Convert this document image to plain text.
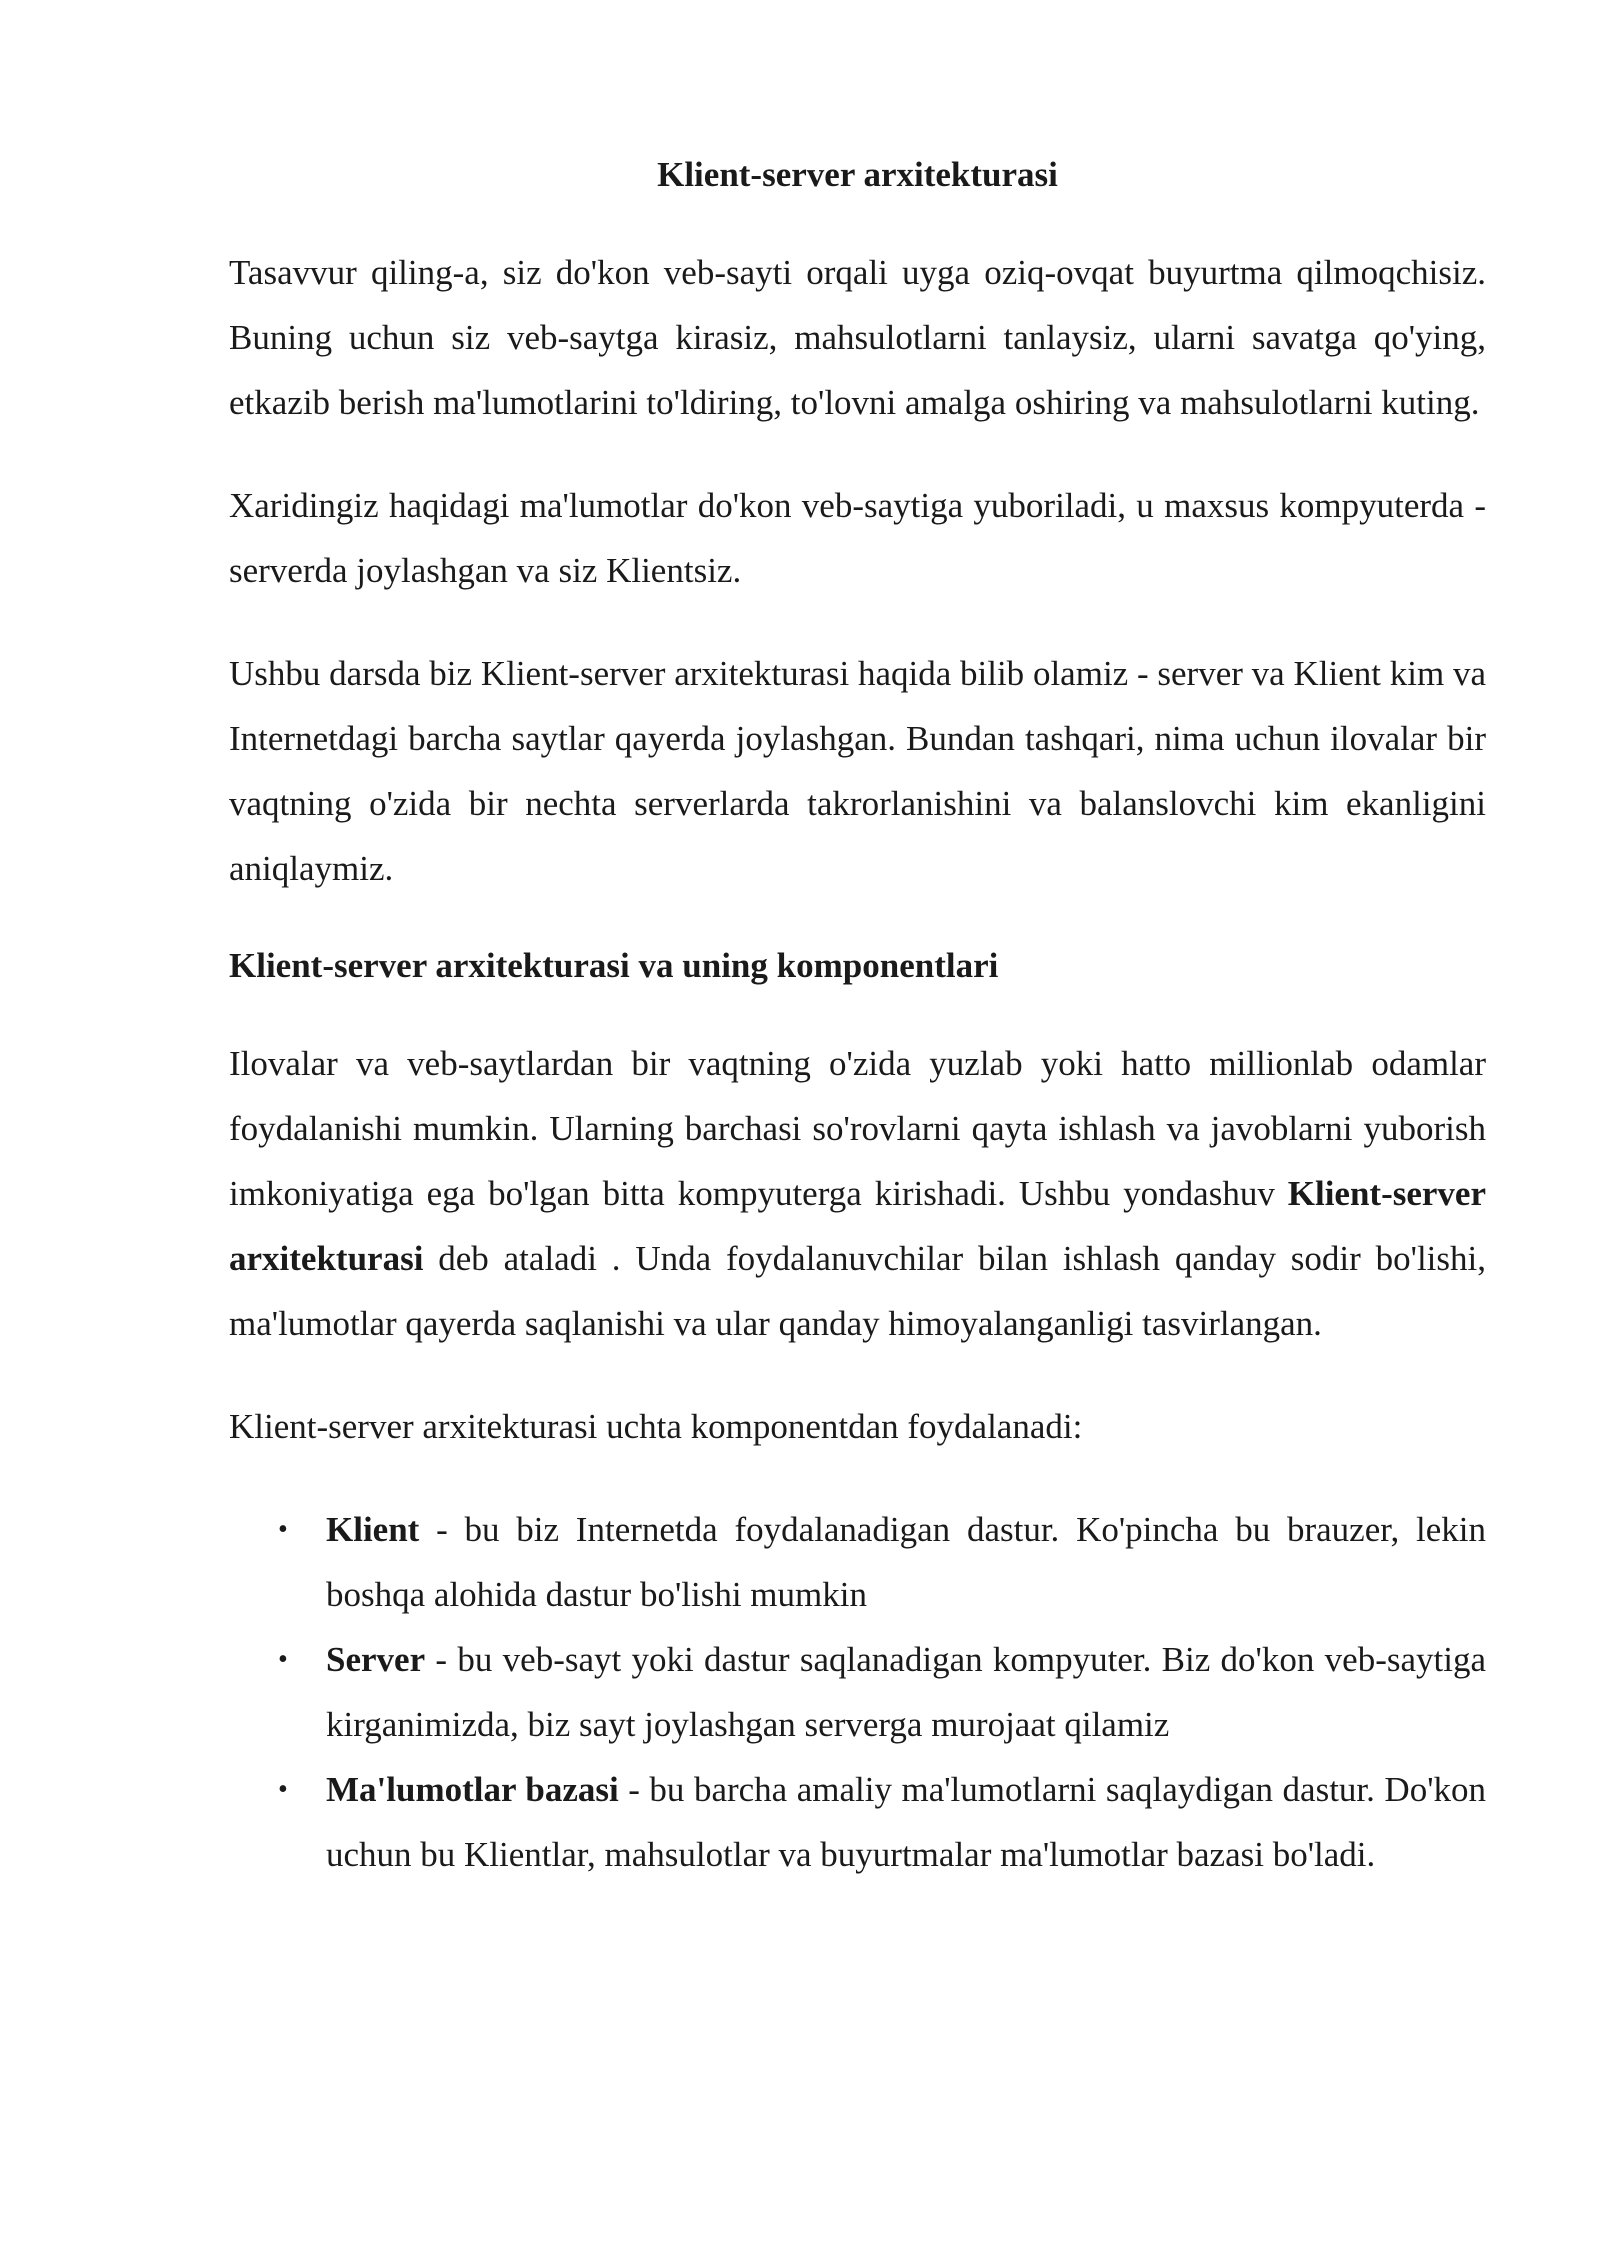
Klient-server arxitekturasi

Tasavvur qiling-a, siz do'kon veb-sayti orqali uyga oziq-ovqat buyurtma qilmoqchisiz. Buning uchun siz veb-saytga kirasiz, mahsulotlarni tanlaysiz, ularni savatga qo'ying, etkazib berish ma'lumotlarini to'ldiring, to'lovni amalga oshiring va mahsulotlarni kuting.

Xaridingiz haqidagi ma'lumotlar do'kon veb-saytiga yuboriladi, u maxsus kompyuterda - serverda joylashgan va siz Klientsiz.

Ushbu darsda biz Klient-server arxitekturasi haqida bilib olamiz - server va Klient kim va Internetdagi barcha saytlar qayerda joylashgan. Bundan tashqari, nima uchun ilovalar bir vaqtning o'zida bir nechta serverlarda takrorlanishini va balanslovchi kim ekanligini aniqlaymiz.

Klient-server arxitekturasi va uning komponentlari

Ilovalar va veb-saytlardan bir vaqtning o'zida yuzlab yoki hatto millionlab odamlar foydalanishi mumkin. Ularning barchasi so'rovlarni qayta ishlash va javoblarni yuborish imkoniyatiga ega bo'lgan bitta kompyuterga kirishadi. Ushbu yondashuv Klient-server arxitekturasi deb ataladi . Unda foydalanuvchilar bilan ishlash qanday sodir bo'lishi, ma'lumotlar qayerda saqlanishi va ular qanday himoyalanganligi tasvirlangan.

Klient-server arxitekturasi uchta komponentdan foydalanadi:

• Klient - bu biz Internetda foydalanadigan dastur. Ko'pincha bu brauzer, lekin boshqa alohida dastur bo'lishi mumkin
• Server - bu veb-sayt yoki dastur saqlanadigan kompyuter. Biz do'kon veb-saytiga kirganimizda, biz sayt joylashgan serverga murojaat qilamiz
• Ma'lumotlar bazasi - bu barcha amaliy ma'lumotlarni saqlaydigan dastur. Do'kon uchun bu Klientlar, mahsulotlar va buyurtmalar ma'lumotlar bazasi bo'ladi.
